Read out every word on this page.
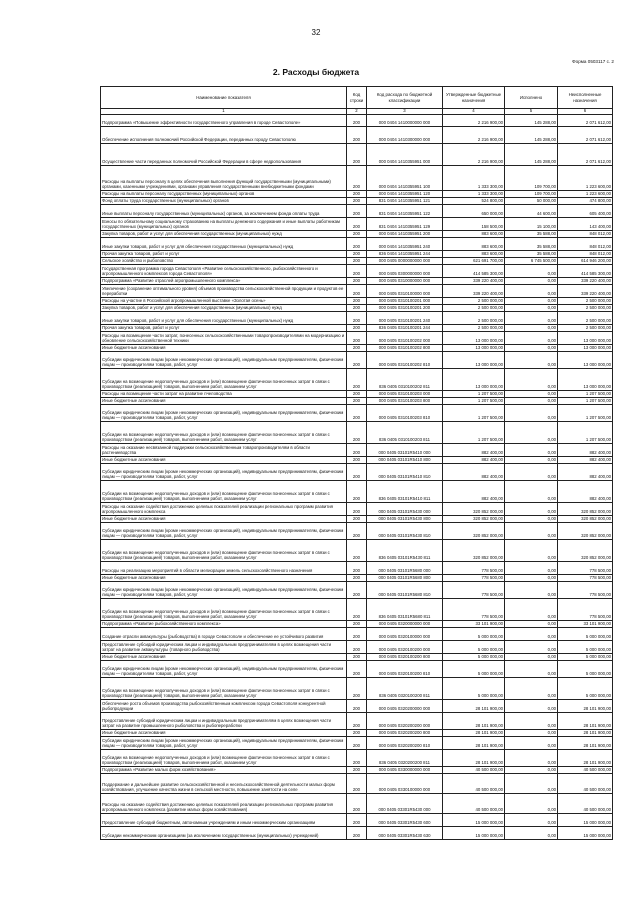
32
Форма 0503117 с. 2
2. Расходы бюджета
Наименование показателя	Код строки	Код расхода по бюджетной классификации	Утвержденные бюджетные назначения	Исполнено	Неисполненные назначения
1	2	3	4	5	6
Подпрограмма «Повышение эффективности государственного управления в городе Севастополе»	200	000 0404 1410000000 000	2 216 900,00	145 288,00	2 071 612,00
Обеспечение исполнения полномочий Российской Федерации, переданных городу Севастополю	200	000 0404 1410300000 000	2 216 900,00	145 288,00	2 071 612,00
Осуществление части переданных полномочий Российской Федерации в сфере недропользования	200	000 0404 1410355951 000	2 216 900,00	145 288,00	2 071 612,00
Расходы на выплаты персоналу в целях обеспечения выполнения функций государственными (муниципальными) органами, казенными учреждениями, органами управления государственными внебюджетными фондами	200	000 0404 1410355951 100	1 333 300,00	109 700,00	1 223 600,00
Расходы на выплаты персоналу государственных (муниципальных) органов	200	000 0404 1410355951 120	1 333 300,00	109 700,00	1 223 600,00
Фонд оплаты труда государственных (муниципальных) органов	200	831 0404 1410355951 121	524 800,00	50 000,00	474 800,00
Иные выплаты персоналу государственных (муниципальных) органов, за исключением фонда оплаты труда	200	831 0404 1410355951 122	650 000,00	44 600,00	605 400,00
Взносы по обязательному социальному страхованию на выплаты денежного содержания и иные выплаты работникам государственных (муниципальных) органов	200	831 0404 1410355951 129	158 500,00	15 100,00	143 400,00
Закупка товаров, работ и услуг для обеспечения государственных (муниципальных) нужд	200	000 0404 1410355951 200	883 600,00	35 588,00	848 012,00
Иные закупки товаров, работ и услуг для обеспечения государственных (муниципальных) нужд	200	000 0404 1410355951 240	883 600,00	35 588,00	848 012,00
Прочая закупка товаров, работ и услуг	200	836 0404 1410355951 244	883 600,00	35 588,00	848 012,00
Сельское хозяйство и рыболовство	200	000 0405 0000000000 000	621 691 700,00	6 745 500,00	614 946 200,00
Государственная программа города Севастополя «Развитие сельскохозяйственного, рыбохозяйственного и агропромышленного комплексов города Севастополя»	200	000 0405 0300000000 000	414 585 300,00	0,00	414 585 300,00
Подпрограмма «Развитие отраслей агропромышленного комплекса»	200	000 0405 0310000000 000	339 220 400,00	0,00	339 220 400,00
Увеличение (сохранение оптимального уровня) объемов производства сельскохозяйственной продукции и продуктов ее переработки	200	000 0405 0310100000 000	339 220 400,00	0,00	339 220 400,00
Расходы на участие в Российской агропромышленной выставке «Золотая осень»	200	000 0405 0310100201 000	2 500 000,00	0,00	2 500 000,00
Закупка товаров, работ и услуг для обеспечения государственных (муниципальных) нужд	200	000 0405 0310100201 200	2 500 000,00	0,00	2 500 000,00
Иные закупки товаров, работ и услуг для обеспечения государственных (муниципальных) нужд	200	000 0405 0310100201 240	2 500 000,00	0,00	2 500 000,00
Прочая закупка товаров, работ и услуг	200	836 0405 0310100201 244	2 500 000,00	0,00	2 500 000,00
Расходы на возмещение части затрат, понесенных сельскохозяйственными товаропроизводителями на модернизацию и обновление сельскохозяйственной техники	200	000 0405 0310100202 000	13 000 000,00	0,00	13 000 000,00
Иные бюджетные ассигнования	200	000 0405 0310100202 800	13 000 000,00	0,00	13 000 000,00
Субсидии юридическим лицам (кроме некоммерческих организаций), индивидуальным предпринимателям, физическим лицам — производителям товаров, работ, услуг	200	000 0405 0310100202 810	13 000 000,00	0,00	13 000 000,00
Субсидии на возмещение недополученных доходов и (или) возмещение фактически понесенных затрат в связи с производством (реализацией) товаров, выполнением работ, оказанием услуг	200	836 0405 0310100202 811	13 000 000,00	0,00	13 000 000,00
Расходы на возмещение части затрат на развитие пчеловодства	200	000 0405 0310100203 000	1 207 500,00	0,00	1 207 500,00
Иные бюджетные ассигнования	200	000 0405 0310100203 800	1 207 500,00	0,00	1 207 500,00
Субсидии юридическим лицам (кроме некоммерческих организаций), индивидуальным предпринимателям, физическим лицам — производителям товаров, работ, услуг	200	000 0405 0310100203 810	1 207 500,00	0,00	1 207 500,00
Субсидии на возмещение недополученных доходов и (или) возмещение фактически понесенных затрат в связи с производством (реализацией) товаров, выполнением работ, оказанием услуг	200	836 0405 0310100203 811	1 207 500,00	0,00	1 207 500,00
Расходы на оказание несвязанной поддержки сельскохозяйственным товаропроизводителям в области растениеводства	200	000 0405 03101R5410 000	882 400,00	0,00	882 400,00
Иные бюджетные ассигнования	200	000 0405 03101R5410 800	882 400,00	0,00	882 400,00
Субсидии юридическим лицам (кроме некоммерческих организаций), индивидуальным предпринимателям, физическим лицам — производителям товаров, работ, услуг	200	000 0405 03101R5410 810	882 400,00	0,00	882 400,00
Субсидии на возмещение недополученных доходов и (или) возмещение фактически понесенных затрат в связи с производством (реализацией) товаров, выполнением работ, оказанием услуг	200	836 0405 03101R5410 811	882 400,00	0,00	882 400,00
Расходы на оказание содействия достижению целевых показателей реализации региональных программ развития агропромышленного комплекса	200	000 0405 03101R5430 000	320 852 000,00	0,00	320 852 000,00
Иные бюджетные ассигнования	200	000 0405 03101R5430 800	320 852 000,00	0,00	320 852 000,00
Субсидии юридическим лицам (кроме некоммерческих организаций), индивидуальным предпринимателям, физическим лицам — производителям товаров, работ, услуг	200	000 0405 03101R5430 810	320 852 000,00	0,00	320 852 000,00
Субсидии на возмещение недополученных доходов и (или) возмещение фактически понесенных затрат в связи с производством (реализацией) товаров, выполнением работ, оказанием услуг	200	836 0405 03101R5430 811	320 852 000,00	0,00	320 852 000,00
Расходы на реализацию мероприятий в области мелиорации земель сельскохозяйственного назначения	200	000 0405 03101R5680 000	778 500,00	0,00	778 500,00
Иные бюджетные ассигнования	200	000 0405 03101R5680 800	778 500,00	0,00	778 500,00
Субсидии юридическим лицам (кроме некоммерческих организаций), индивидуальным предпринимателям, физическим лицам — производителям товаров, работ, услуг	200	000 0405 03101R5680 810	778 500,00	0,00	778 500,00
Субсидии на возмещение недополученных доходов и (или) возмещение фактически понесенных затрат в связи с производством (реализацией) товаров, выполнением работ, оказанием услуг	200	836 0405 03101R5680 811	778 500,00	0,00	778 500,00
Подпрограмма «Развитие рыбохозяйственного комплекса»	200	000 0405 0320000000 000	33 101 900,00	0,00	33 101 900,00
Создание отрасли аквакультуры (рыбоводства) в городе Севастополе и обеспечение ее устойчивого развития	200	000 0405 0320100000 000	5 000 000,00	0,00	5 000 000,00
Предоставление субсидий юридическим лицам и индивидуальным предпринимателям в целях возмещения части затрат на развитие аквакультуры (товарного рыбоводства)	200	000 0405 0320100200 000	5 000 000,00	0,00	5 000 000,00
Иные бюджетные ассигнования	200	000 0405 0320100200 800	5 000 000,00	0,00	5 000 000,00
Субсидии юридическим лицам (кроме некоммерческих организаций), индивидуальным предпринимателям, физическим лицам — производителям товаров, работ, услуг	200	000 0405 0320100200 810	5 000 000,00	0,00	5 000 000,00
Субсидии на возмещение недополученных доходов и (или) возмещение фактически понесенных затрат в связи с производством (реализацией) товаров, выполнением работ, оказанием услуг	200	836 0405 0320100200 811	5 000 000,00	0,00	5 000 000,00
Обеспечение роста объемов производства рыбохозяйственным комплексом города Севастополя конкурентной рыбопродукции	200	000 0405 0320200000 000	28 101 900,00	0,00	28 101 900,00
Предоставление субсидий юридическим лицам и индивидуальным предпринимателям в целях возмещения части затрат на развитие промышленного рыболовства и рыбопереработки	200	000 0405 0320200200 000	28 101 900,00	0,00	28 101 900,00
Иные бюджетные ассигнования	200	000 0405 0320200200 800	28 101 900,00	0,00	28 101 900,00
Субсидии юридическим лицам (кроме некоммерческих организаций), индивидуальным предпринимателям, физическим лицам — производителям товаров, работ, услуг	200	000 0405 0320200200 810	28 101 900,00	0,00	28 101 900,00
Субсидии на возмещение недополученных доходов и (или) возмещение фактически понесенных затрат в связи с производством (реализацией) товаров, выполнением работ, оказанием услуг	200	836 0405 0320200200 811	28 101 900,00	0,00	28 101 900,00
Подпрограмма «Развитие малых форм хозяйствования»	200	000 0405 0330000000 000	40 500 000,00	0,00	40 500 000,00
Поддержание и дальнейшее развитие сельскохозяйственной и несельскохозяйственной деятельности малых форм хозяйствования, улучшение качества жизни в сельской местности, повышение занятости на селе	200	000 0405 0330100000 000	40 500 000,00	0,00	40 500 000,00
Расходы на оказание содействия достижению целевых показателей реализации региональных программ развития агропромышленного комплекса (развитие малых форм хозяйствования)	200	000 0405 03301R5430 000	40 500 000,00	0,00	40 500 000,00
Предоставление субсидий бюджетным, автономным учреждениям и иным некоммерческим организациям	200	000 0405 03301R5430 600	15 000 000,00	0,00	15 000 000,00
Субсидии некоммерческим организациям (за исключением государственных (муниципальных) учреждений)	200	000 0405 03301R5430 630	15 000 000,00	0,00	15 000 000,00
